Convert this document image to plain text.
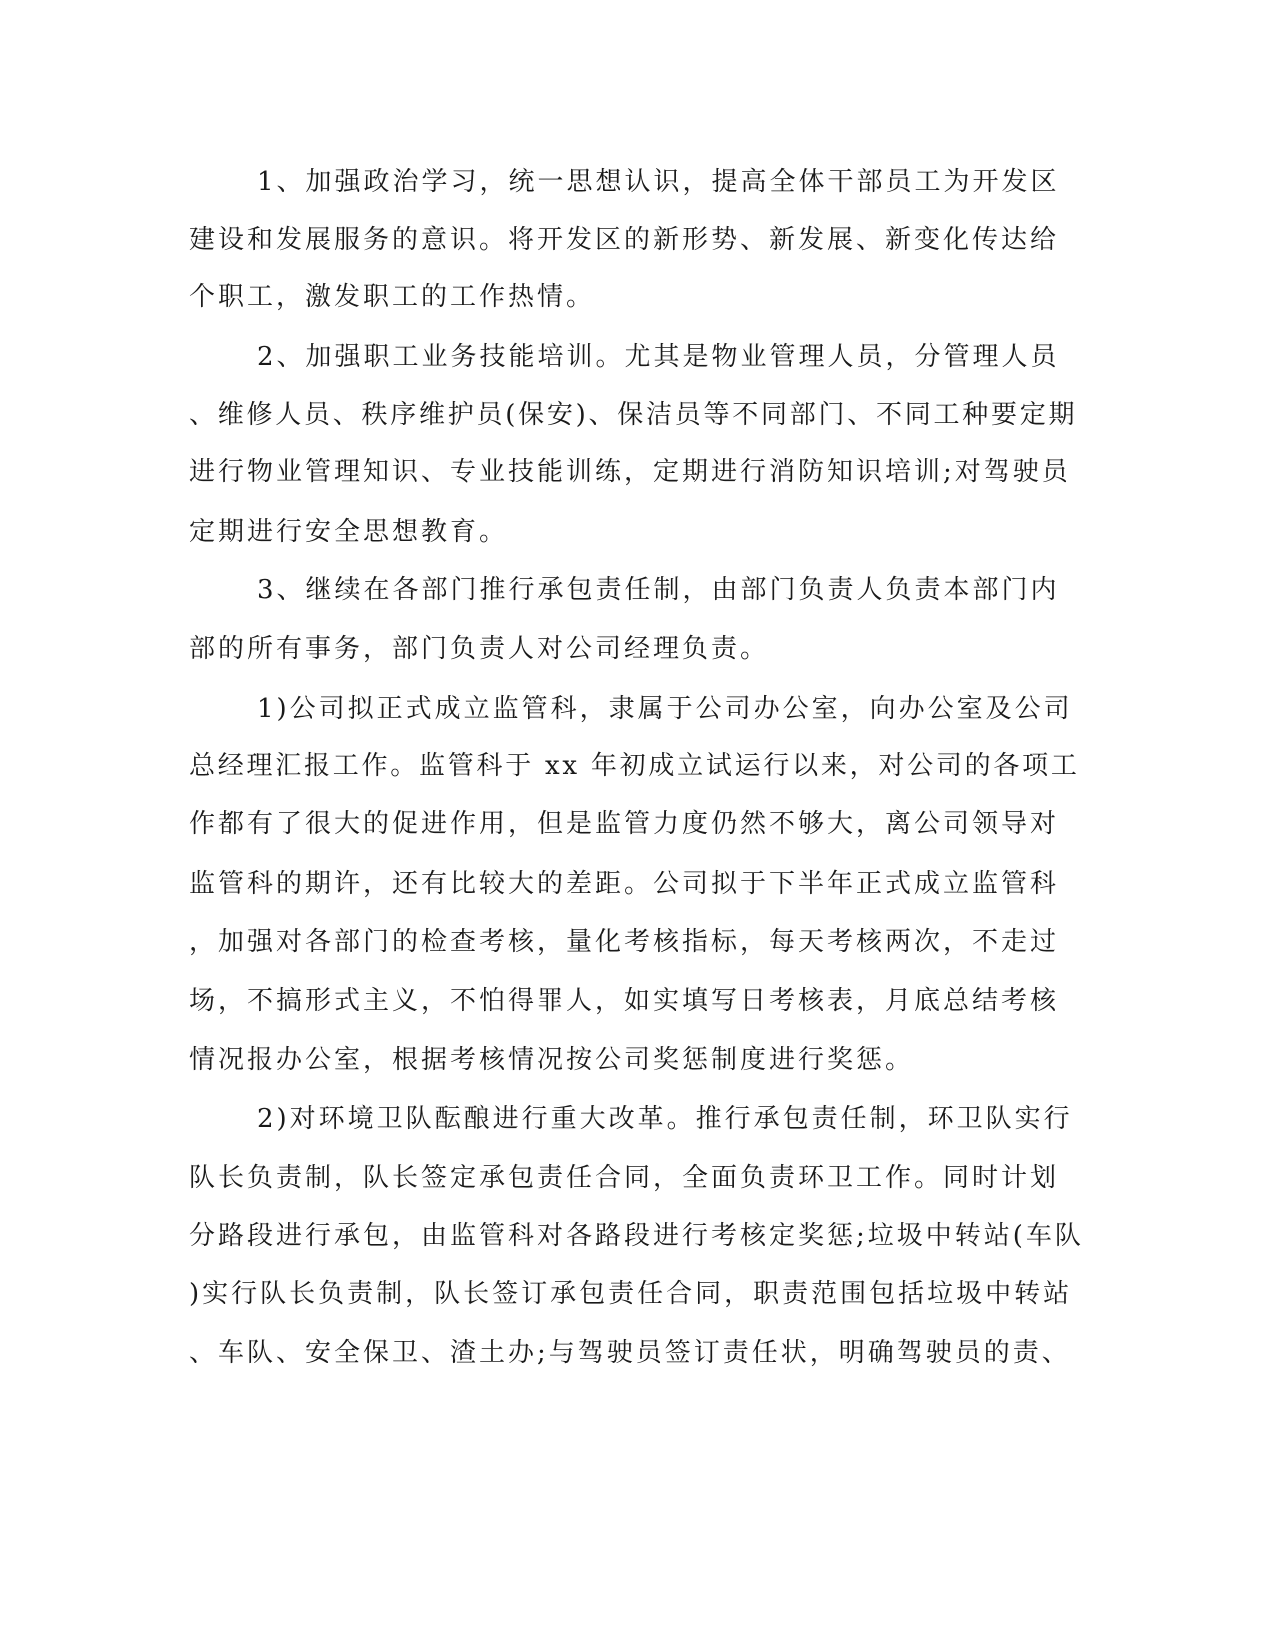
1、加强政治学习，统一思想认识，提高全体干部员工为开发区
建设和发展服务的意识。将开发区的新形势、新发展、新变化传达给
个职工，激发职工的工作热情。
2、加强职工业务技能培训。尤其是物业管理人员，分管理人员
、维修人员、秩序维护员(保安)、保洁员等不同部门、不同工种要定期
进行物业管理知识、专业技能训练，定期进行消防知识培训;对驾驶员
定期进行安全思想教育。
3、继续在各部门推行承包责任制，由部门负责人负责本部门内
部的所有事务，部门负责人对公司经理负责。
1)公司拟正式成立监管科，隶属于公司办公室，向办公室及公司
总经理汇报工作。监管科于 xx 年初成立试运行以来，对公司的各项工
作都有了很大的促进作用，但是监管力度仍然不够大，离公司领导对
监管科的期许，还有比较大的差距。公司拟于下半年正式成立监管科
，加强对各部门的检查考核，量化考核指标，每天考核两次，不走过
场，不搞形式主义，不怕得罪人，如实填写日考核表，月底总结考核
情况报办公室，根据考核情况按公司奖惩制度进行奖惩。
2)对环境卫队酝酿进行重大改革。推行承包责任制，环卫队实行
队长负责制，队长签定承包责任合同，全面负责环卫工作。同时计划
分路段进行承包，由监管科对各路段进行考核定奖惩;垃圾中转站(车队
)实行队长负责制，队长签订承包责任合同，职责范围包括垃圾中转站
、车队、安全保卫、渣土办;与驾驶员签订责任状，明确驾驶员的责、
